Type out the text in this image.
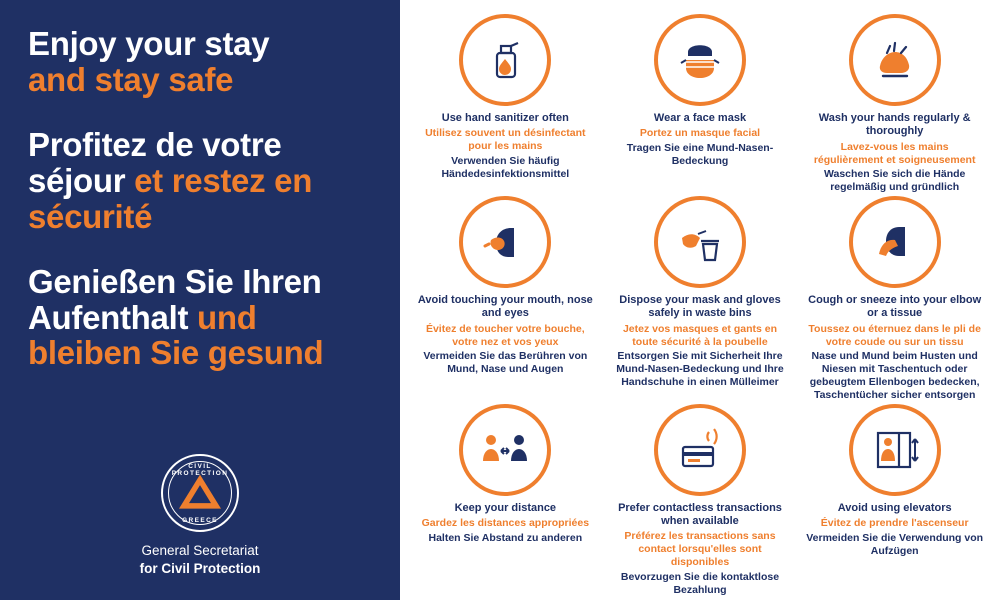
Enjoy your stay
and stay safe
Profitez de votre séjour et restez en sécurité
Genießen Sie Ihren Aufenthalt und bleiben Sie gesund
CIVIL PROTECTION
GREECE
General Secretariat
for Civil Protection
Use hand sanitizer often
Utilisez souvent un désinfectant pour les mains
Verwenden Sie häufig Händedesinfektionsmittel
Wear a face mask
Portez un masque facial
Tragen Sie eine Mund-Nasen-Bedeckung
Wash your hands regularly & thoroughly
Lavez-vous les mains régulièrement et soigneusement
Waschen Sie sich die Hände regelmäßig und gründlich
Avoid touching your mouth, nose and eyes
Évitez de toucher votre bouche, votre nez et vos yeux
Vermeiden Sie das Berühren von Mund, Nase und Augen
Dispose your mask and gloves safely in waste bins
Jetez vos masques et gants en toute sécurité à la poubelle
Entsorgen Sie mit Sicherheit Ihre Mund-Nasen-Bedeckung und Ihre Handschuhe in einen Mülleimer
Cough or sneeze into your elbow or a tissue
Toussez ou éternuez dans le pli de votre coude ou sur un tissu
Nase und Mund beim Husten und Niesen mit Taschentuch oder gebeugtem Ellenbogen bedecken, Taschentücher sicher entsorgen
Keep your distance
Gardez les distances appropriées
Halten Sie Abstand zu anderen
Prefer contactless transactions when available
Préférez les transactions sans contact lorsqu'elles sont disponibles
Bevorzugen Sie die kontaktlose Bezahlung
Avoid using elevators
Évitez de prendre l'ascenseur
Vermeiden Sie die Verwendung von Aufzügen
